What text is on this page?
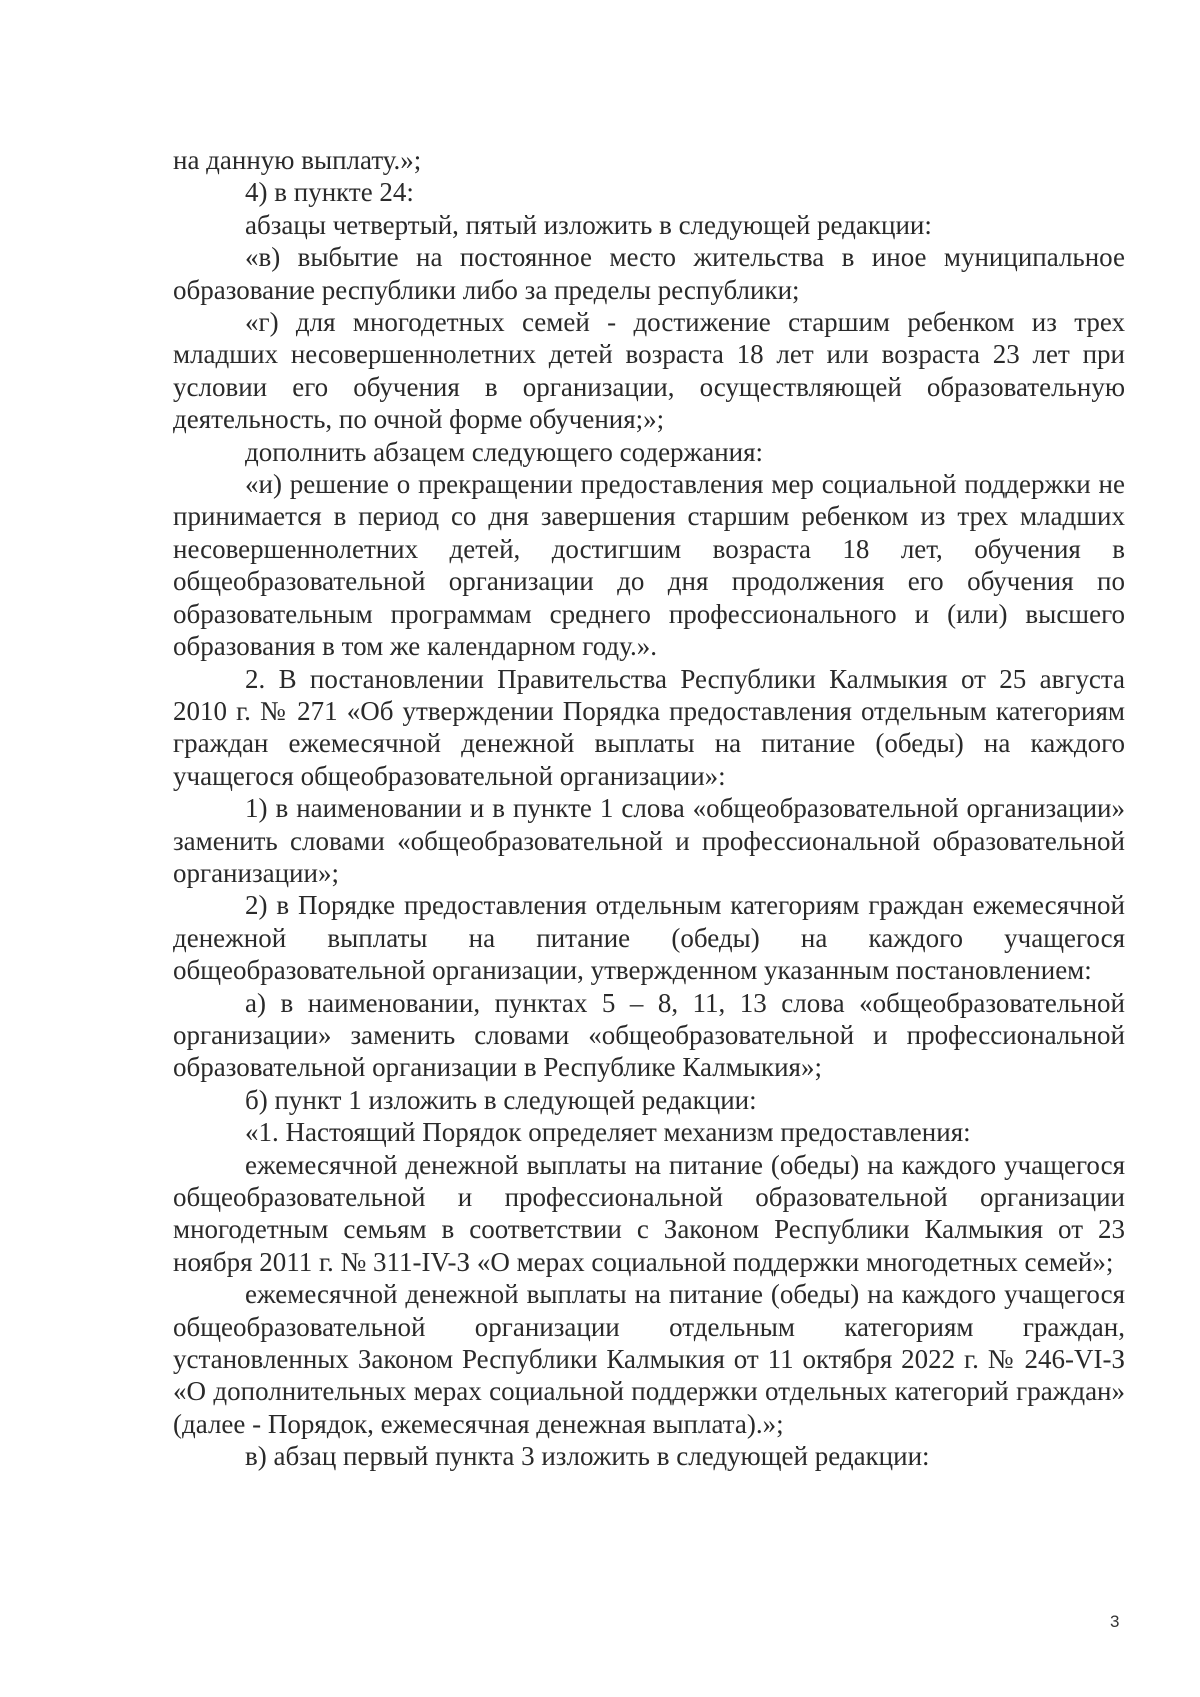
на данную выплату.»;

4) в пункте 24:

абзацы четвертый, пятый изложить в следующей редакции:

«в) выбытие на постоянное место жительства в иное муниципальное образование республики либо за пределы республики;

«г) для многодетных семей - достижение старшим ребенком из трех младших несовершеннолетних детей возраста 18 лет или возраста 23 лет при условии его обучения в организации, осуществляющей образовательную деятельность, по очной форме обучения;»;

дополнить абзацем следующего содержания:

«и) решение о прекращении предоставления мер социальной поддержки не принимается в период со дня завершения старшим ребенком из трех младших несовершеннолетних детей, достигшим возраста 18 лет, обучения в общеобразовательной организации до дня продолжения его обучения по образовательным программам среднего профессионального и (или) высшего образования в том же календарном году.».

2. В постановлении Правительства Республики Калмыкия от 25 августа 2010 г. № 271 «Об утверждении Порядка предоставления отдельным категориям граждан ежемесячной денежной выплаты на питание (обеды) на каждого учащегося общеобразовательной организации»:

1) в наименовании и в пункте 1 слова «общеобразовательной организации» заменить словами «общеобразовательной и профессиональной образовательной организации»;

2) в Порядке предоставления отдельным категориям граждан ежемесячной денежной выплаты на питание (обеды) на каждого учащегося общеобразовательной организации, утвержденном указанным постановлением:

а) в наименовании, пунктах 5 – 8, 11, 13 слова «общеобразовательной организации» заменить словами «общеобразовательной и профессиональной образовательной организации в Республике Калмыкия»;

б) пункт 1 изложить в следующей редакции:

«1. Настоящий Порядок определяет механизм предоставления:

ежемесячной денежной выплаты на питание (обеды) на каждого учащегося общеобразовательной и профессиональной образовательной организации многодетным семьям в соответствии с Законом Республики Калмыкия от 23 ноября 2011 г. № 311-IV-З «О мерах социальной поддержки многодетных семей»;

ежемесячной денежной выплаты на питание (обеды) на каждого учащегося общеобразовательной организации отдельным категориям граждан, установленных Законом Республики Калмыкия от 11 октября 2022 г. № 246-VI-З «О дополнительных мерах социальной поддержки отдельных категорий граждан» (далее - Порядок, ежемесячная денежная выплата).»;

в) абзац первый пункта 3 изложить в следующей редакции:

3
